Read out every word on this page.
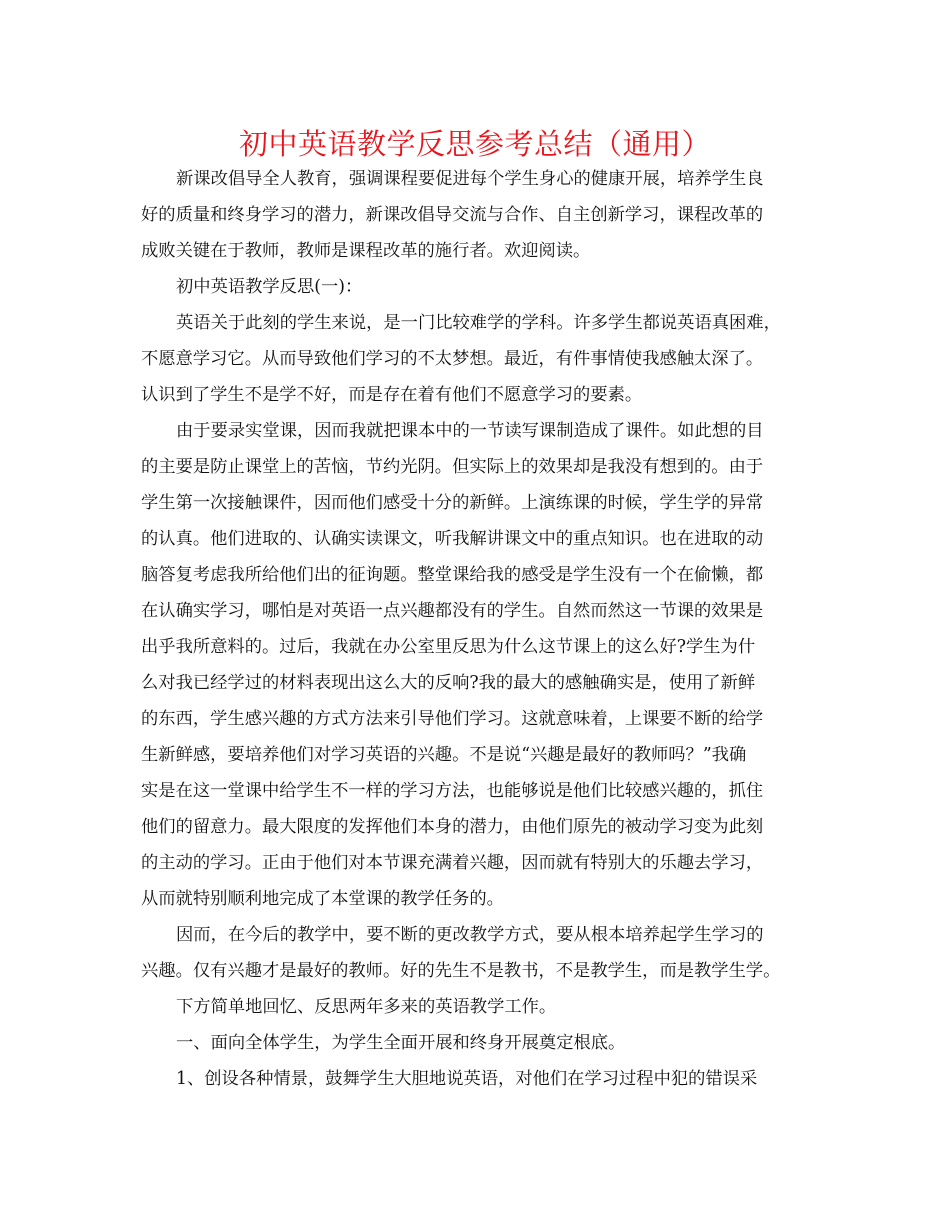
初中英语教学反思参考总结（通用）
新课改倡导全人教育，强调课程要促进每个学生身心的健康开展，培养学生良
好的质量和终身学习的潜力，新课改倡导交流与合作、自主创新学习，课程改革的
成败关键在于教师，教师是课程改革的施行者。欢迎阅读。
初中英语教学反思(一)：
英语关于此刻的学生来说，是一门比较难学的学科。许多学生都说英语真困难，
不愿意学习它。从而导致他们学习的不太梦想。最近，有件事情使我感触太深了。
认识到了学生不是学不好，而是存在着有他们不愿意学习的要素。
由于要录实堂课，因而我就把课本中的一节读写课制造成了课件。如此想的目
的主要是防止课堂上的苦恼，节约光阴。但实际上的效果却是我没有想到的。由于
学生第一次接触课件，因而他们感受十分的新鲜。上演练课的时候，学生学的异常
的认真。他们进取的、认确实读课文，听我解讲课文中的重点知识。也在进取的动
脑答复考虑我所给他们出的征询题。整堂课给我的感受是学生没有一个在偷懒，都
在认确实学习，哪怕是对英语一点兴趣都没有的学生。自然而然这一节课的效果是
出乎我所意料的。过后，我就在办公室里反思为什么这节课上的这么好?学生为什
么对我已经学过的材料表现出这么大的反响?我的最大的感触确实是，使用了新鲜
的东西，学生感兴趣的方式方法来引导他们学习。这就意味着，上课要不断的给学
生新鲜感，要培养他们对学习英语的兴趣。不是说“兴趣是最好的教师吗？”我确
实是在这一堂课中给学生不一样的学习方法，也能够说是他们比较感兴趣的，抓住
他们的留意力。最大限度的发挥他们本身的潜力，由他们原先的被动学习变为此刻
的主动的学习。正由于他们对本节课充满着兴趣，因而就有特别大的乐趣去学习，
从而就特别顺利地完成了本堂课的教学任务的。
因而，在今后的教学中，要不断的更改教学方式，要从根本培养起学生学习的
兴趣。仅有兴趣才是最好的教师。好的先生不是教书，不是教学生，而是教学生学。
下方简单地回忆、反思两年多来的英语教学工作。
一、面向全体学生，为学生全面开展和终身开展奠定根底。
1、创设各种情景，鼓舞学生大胆地说英语，对他们在学习过程中犯的错误采
